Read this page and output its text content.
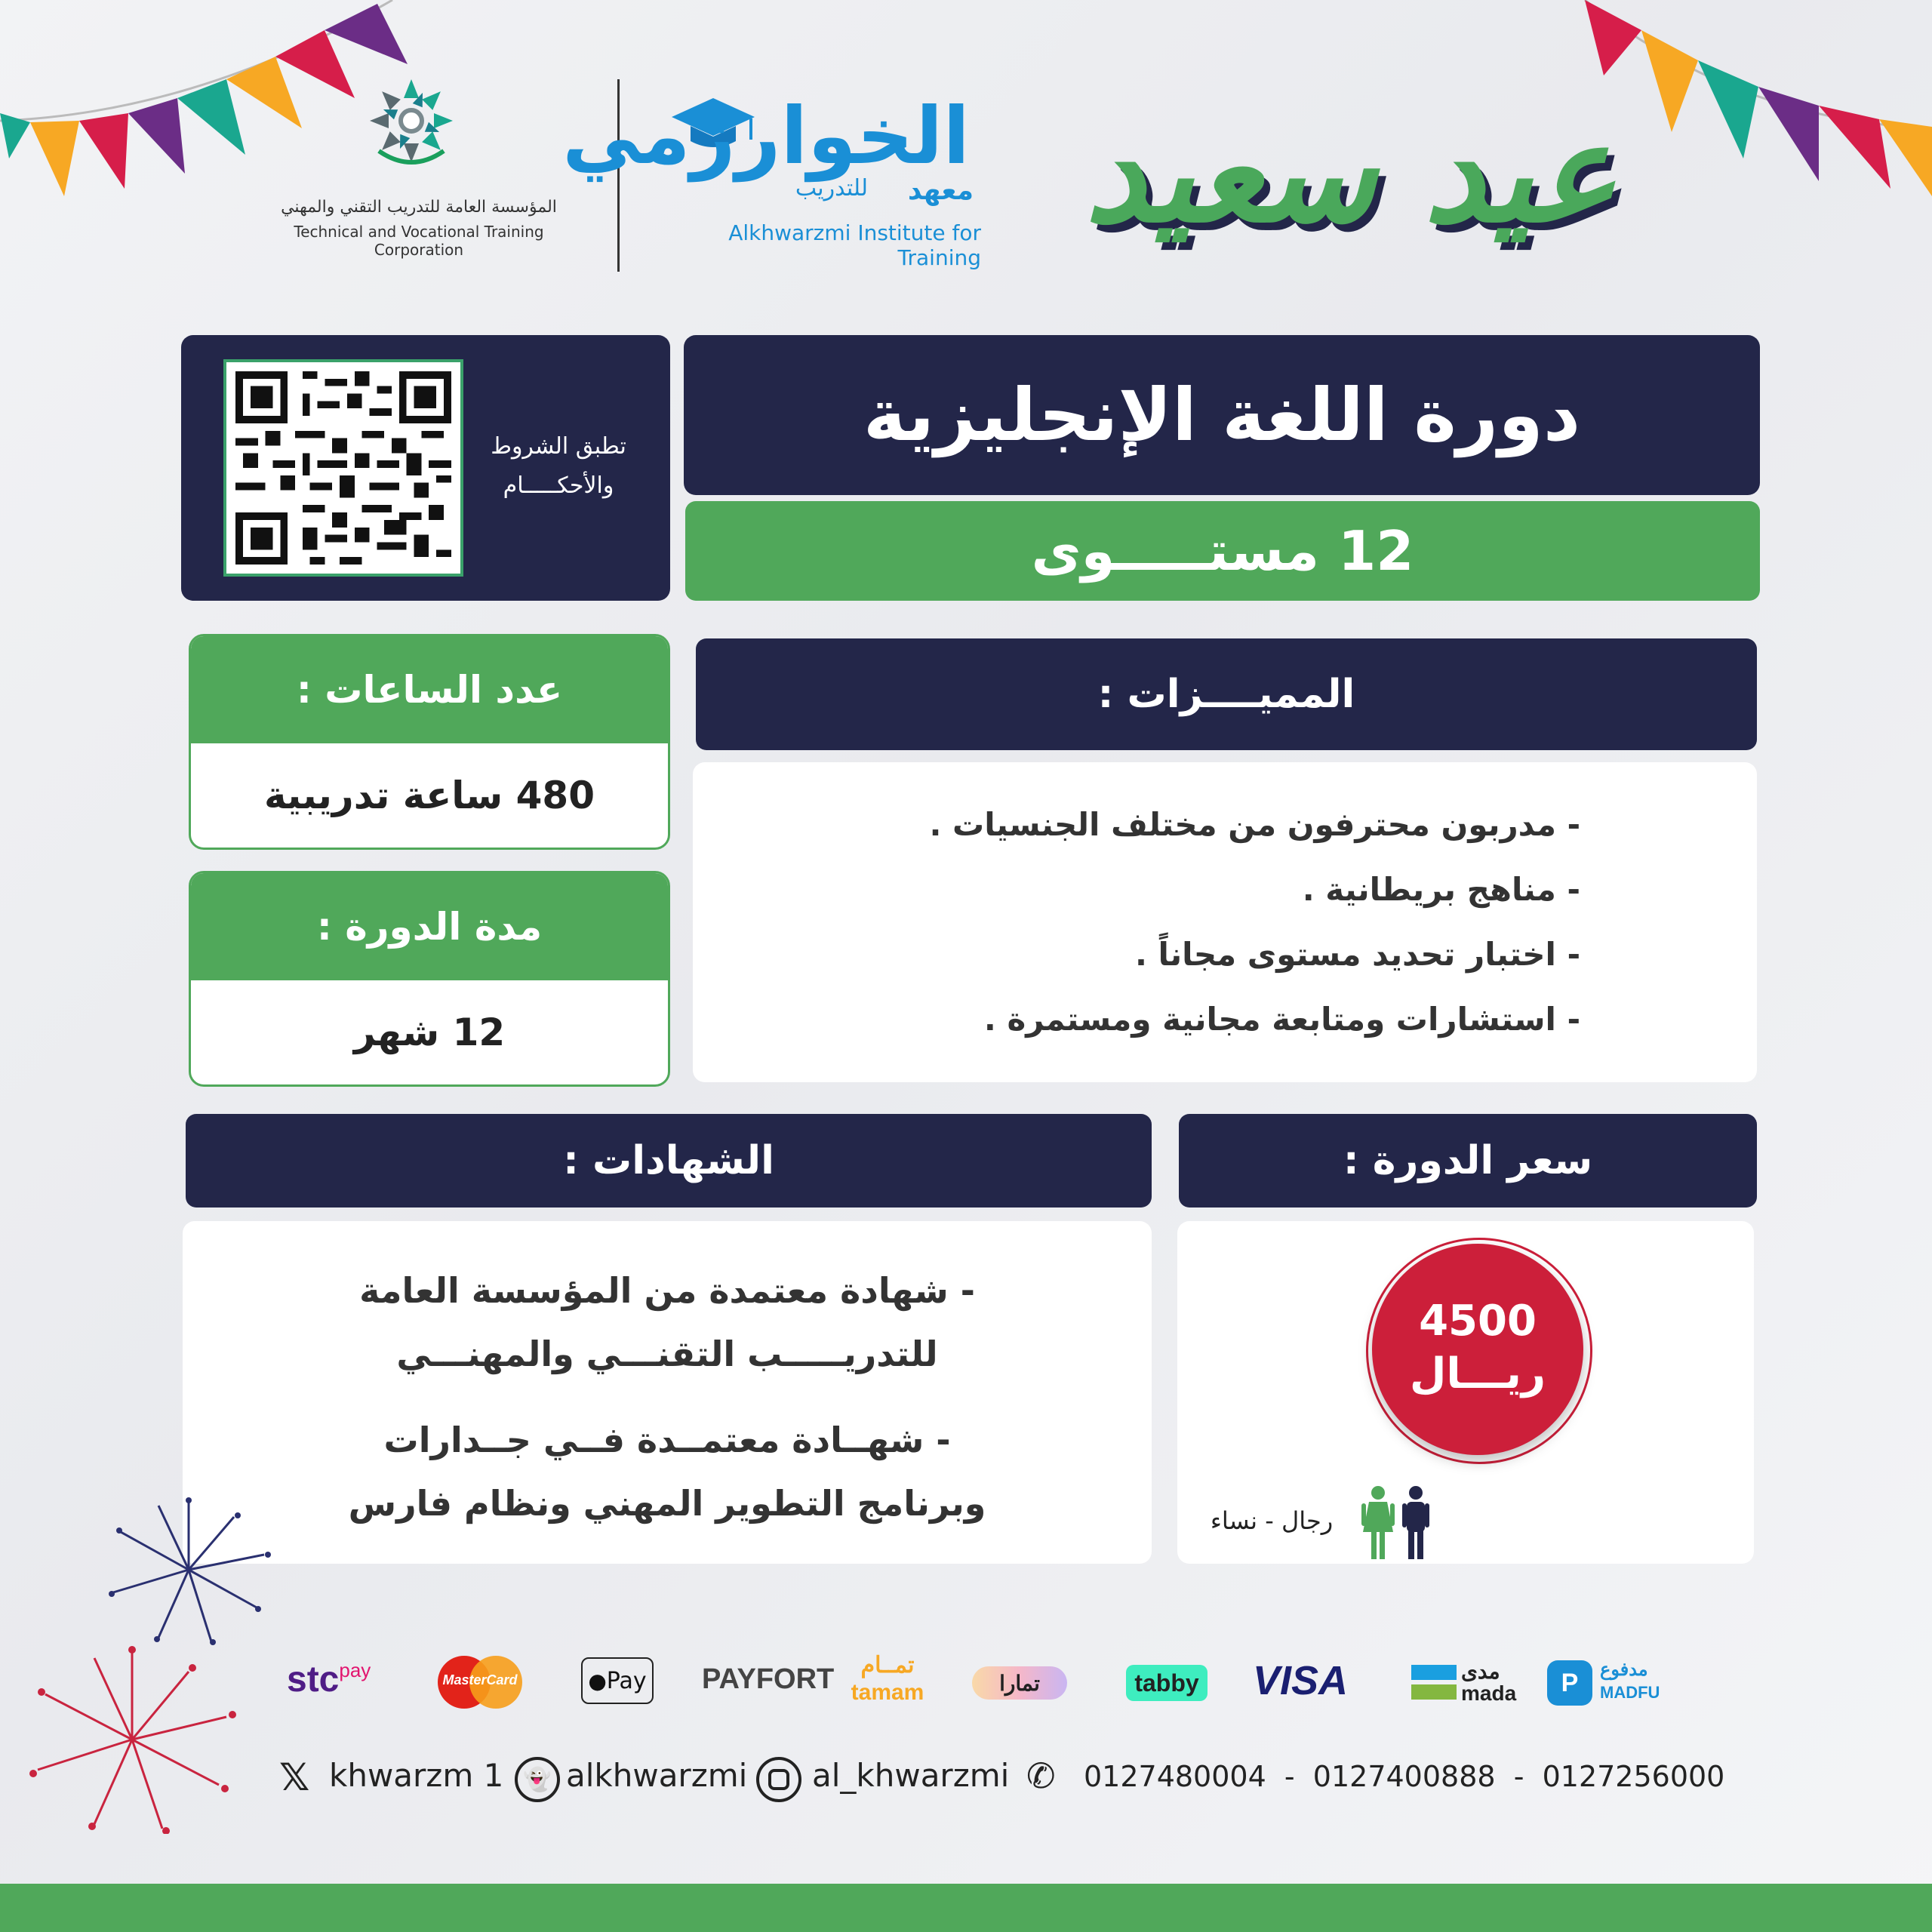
المؤسسة العامة للتدريب التقني والمهني
Technical and Vocational Training Corporation
الخوارزمي
معهد
للتدريب
Alkhwarzmi Institute for Training
عيد سعيد
تطبق الشروط
والأحكـــــام
دورة اللغة الإنجليزية
12 مستـــــوى
عدد الساعات :
480 ساعة تدريبية
مدة الدورة :
12 شهر
المميــــزات :
- مدربون محترفون من مختلف الجنسيات .
- مناهج بريطانية .
- اختبار تحديد مستوى مجاناً .
- استشارات ومتابعة مجانية ومستمرة .
الشهادات :
- شهادة معتمدة من المؤسسة العامة
للتدريـــــب التقنـــي والمهنـــي
- شهــادة معتمــدة فــي جــدارات
وبرنامج التطوير المهني ونظام فارس
سعر الدورة :
4500
ريـــال
رجال - نساء
stc$^{pay}$	MasterCard	● Pay PAYFORT	تمــام
tamam	تمارا	tabby VISA	مدى
mada	P	مدفوع
MADFU
𝕏 khwarzm 1 👻 alkhwarzmi al_khwarzmi ✆ 0127480004  -  0127400888  -  0127256000
